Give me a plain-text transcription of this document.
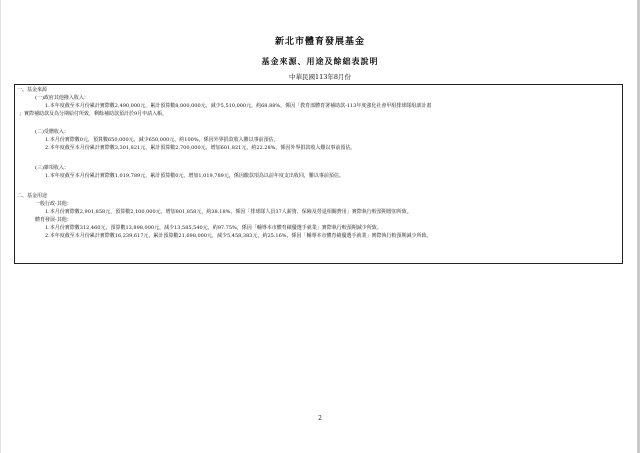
新北市體育發展基金
基金來源、用途及餘絀表說明
中華民國113年8月份
一、基金來源
(一)政府其他撥入收入：
1.本年度截至本月份累計實際數2,490,000元，累計預算數8,000,000元，減少5,510,000元，約68.88%，係因「教育部體育署補助款-113年度強化社會甲組排球隊組訓計畫
」實際補助款及為分期給付所致，剩餘補助款預計於9月申請入帳。
(二)受贈收入：
1.本月份實際數0元，預算數650,000元，減少650,000元，約100%，係因外界捐款收入難以事前預估。
2.本年度截至本月份累計實際數3,301,821元，累計預算數2,700,000元，增加601,821元，約22.28%，係因外界捐款收入難以事前預估。
(三)雜項收入：
1.本年度截至本月份累計實際數1,019,789元，累計預算數0元，增加1,019,789元，係因繳款項為以前年度支出收回，難以事前預估。
二、基金用途
一般行政-其他：
1.本月份實際數2,901,858元，預算數2,100,000元，增加801,858元，約38.18%，係因「排球隊人員37人薪資、保險及勞退相關費用」實際執行較預期增加所致。
體育發展-其他：
1.本月份實際數312,460元，預算數13,898,000元，減少13,585,540元，約97.75%，係因「輔導本市體育績優選手就業」實際執行較預期減少所致。
2.本年度截至本月份累計實際數16,239,617元，累計預算數21,698,000元，減少5,458,383元，約25.16%，係因「輔導本市體育績優選手就業」實際執行較預期減少所致。
2
